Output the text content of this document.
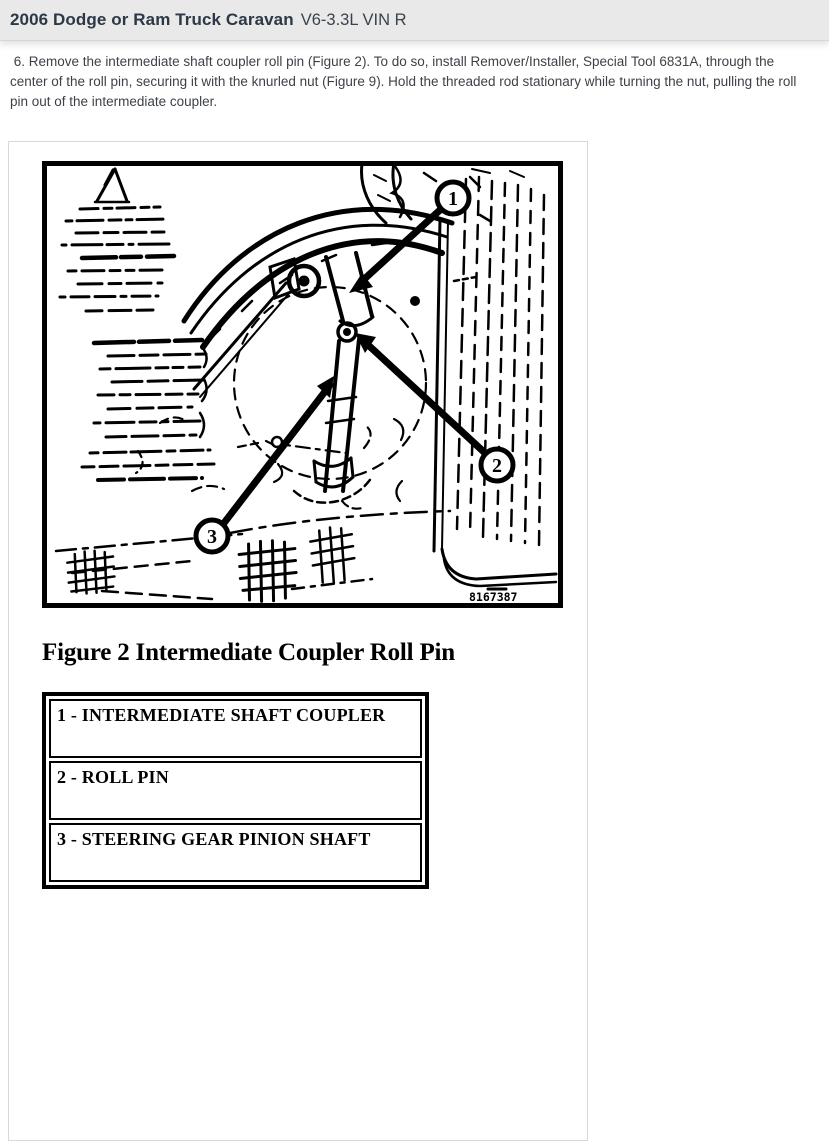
2006 Dodge or Ram Truck Caravan V6-3.3L VIN R
6. Remove the intermediate shaft coupler roll pin (Figure 2). To do so, install Remover/Installer, Special Tool 6831A, through the center of the roll pin, securing it with the knurled nut (Figure 9). Hold the threaded rod stationary while turning the nut, pulling the roll pin out of the intermediate coupler.
1
2
3
8167387
Figure 2 Intermediate Coupler Roll Pin
1 - INTERMEDIATE SHAFT COUPLER
2 - ROLL PIN
3 - STEERING GEAR PINION SHAFT
